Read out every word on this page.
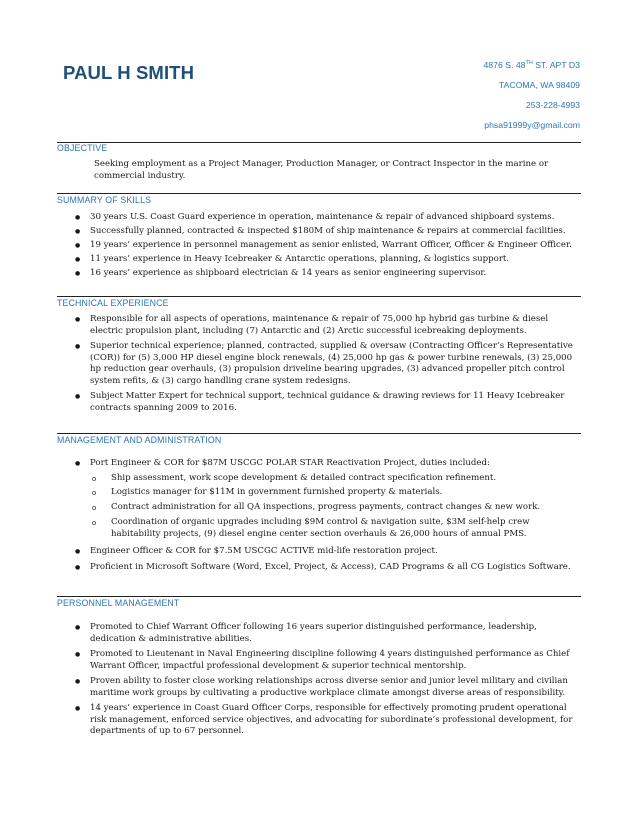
PAUL H SMITH	4876 S. 48TH ST. APT D3
TACOMA, WA 98409
253-228-4993
phsa91999y@gmail.com
OBJECTIVE
Seeking employment as a Project Manager, Production Manager, or Contract Inspector in the marine or commercial industry.
SUMMARY OF SKILLS
● 30 years U.S. Coast Guard experience in operation, maintenance & repair of advanced shipboard systems.
● Successfully planned, contracted & inspected $180M of ship maintenance & repairs at commercial facilities.
● 19 years’ experience in personnel management as senior enlisted, Warrant Officer, Officer & Engineer Officer.
● 11 years’ experience in Heavy Icebreaker & Antarctic operations, planning, & logistics support.
● 16 years’ experience as shipboard electrician & 14 years as senior engineering supervisor.
TECHNICAL EXPERIENCE
● Responsible for all aspects of operations, maintenance & repair of 75,000 hp hybrid gas turbine & diesel electric propulsion plant, including (7) Antarctic and (2) Arctic successful icebreaking deployments.
● Superior technical experience; planned, contracted, supplied & oversaw (Contracting Officer’s Representative (COR)) for (5) 3,000 HP diesel engine block renewals, (4) 25,000 hp gas & power turbine renewals, (3) 25,000 hp reduction gear overhauls, (3) propulsion driveline bearing upgrades, (3) advanced propeller pitch control system refits, & (3) cargo handling crane system redesigns.
● Subject Matter Expert for technical support, technical guidance & drawing reviews for 11 Heavy Icebreaker contracts spanning 2009 to 2016.
MANAGEMENT AND ADMINISTRATION
● Port Engineer & COR for $87M USCGC POLAR STAR Reactivation Project, duties included:
o Ship assessment, work scope development & detailed contract specification refinement.
o Logistics manager for $11M in government furnished property & materials.
o Contract administration for all QA inspections, progress payments, contract changes & new work.
o Coordination of organic upgrades including $9M control & navigation suite, $3M self-help crew habitability projects, (9) diesel engine center section overhauls & 26,000 hours of annual PMS.
● Engineer Officer & COR for $7.5M USCGC ACTIVE mid-life restoration project.
● Proficient in Microsoft Software (Word, Excel, Project, & Access), CAD Programs & all CG Logistics Software.
PERSONNEL MANAGEMENT
● Promoted to Chief Warrant Officer following 16 years superior distinguished performance, leadership, dedication & administrative abilities.
● Promoted to Lieutenant in Naval Engineering discipline following 4 years distinguished performance as Chief Warrant Officer, impactful professional development & superior technical mentorship.
● Proven ability to foster close working relationships across diverse senior and junior level military and civilian maritime work groups by cultivating a productive workplace climate amongst diverse areas of responsibility.
● 14 years’ experience in Coast Guard Officer Corps, responsible for effectively promoting prudent operational risk management, enforced service objectives, and advocating for subordinate’s professional development, for departments of up to 67 personnel.
